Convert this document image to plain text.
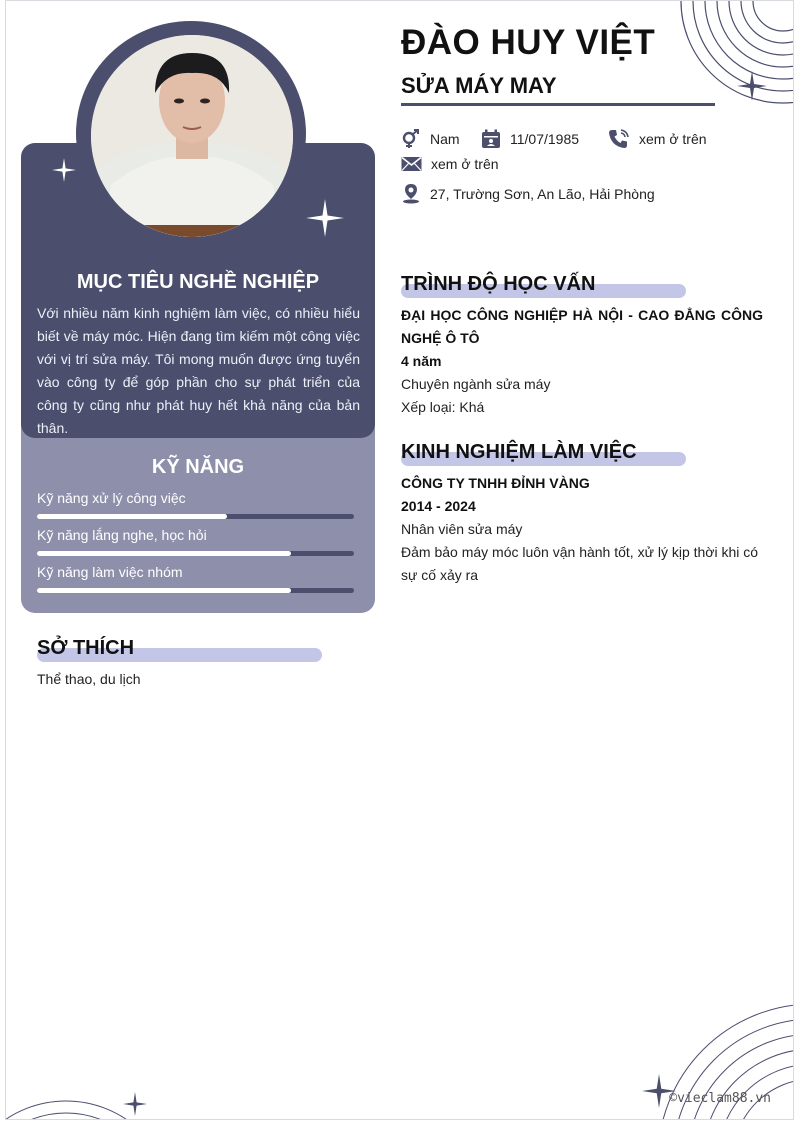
MỤC TIÊU NGHỀ NGHIỆP
Với nhiều năm kinh nghiệm làm việc, có nhiều hiểu biết về máy móc. Hiện đang tìm kiếm một công việc với vị trí sửa máy. Tôi mong muốn được ứng tuyển vào công ty để góp phần cho sự phát triển của công ty cũng như phát huy hết khả năng của bản thân.
KỸ NĂNG
Kỹ năng xử lý công việc
Kỹ năng lắng nghe, học hỏi
Kỹ năng làm việc nhóm
SỞ THÍCH
Thể thao, du lịch
ĐÀO HUY VIỆT
SỬA MÁY MAY
Nam	11/07/1985	xem ở trên
xem ở trên
27, Trường Sơn, An Lão, Hải Phòng
TRÌNH ĐỘ HỌC VẤN
ĐẠI HỌC CÔNG NGHIỆP HÀ NỘI - CAO ĐẲNG CÔNG NGHỆ Ô TÔ
4 năm
Chuyên ngành sửa máy
Xếp loại: Khá
KINH NGHIỆM LÀM VIỆC
CÔNG TY TNHH ĐỈNH VÀNG
2014 - 2024
Nhân viên sửa máy
Đảm bảo máy móc luôn vận hành tốt, xử lý kịp thời khi có sự cố xảy ra
©vieclam88.vn
